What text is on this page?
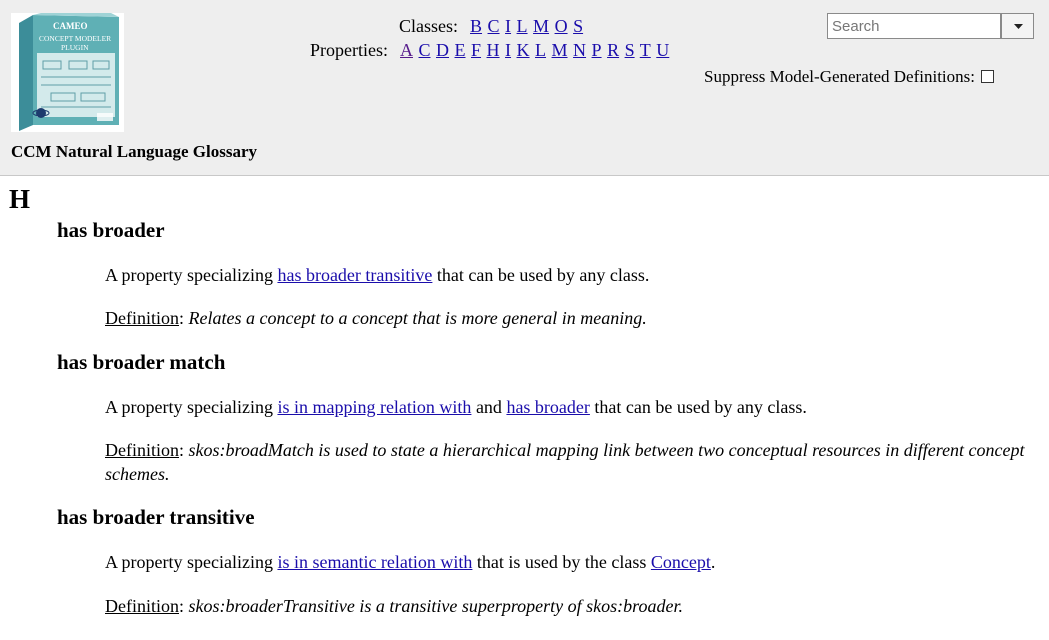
CAMEO
CONCEPT MODELER
PLUGIN
CCM Natural Language Glossary
Classes: B C I L M O S
Properties: A C D E F H I K L M N P R S T U
Search
Suppress Model-Generated Definitions:
H
has broader
A property specializing has broader transitive that can be used by any class.
Definition: Relates a concept to a concept that is more general in meaning.
has broader match
A property specializing is in mapping relation with and has broader that can be used by any class.
Definition: skos:broadMatch is used to state a hierarchical mapping link between two conceptual resources in different concept schemes.
has broader transitive
A property specializing is in semantic relation with that is used by the class Concept.
Definition: skos:broaderTransitive is a transitive superproperty of skos:broader.
